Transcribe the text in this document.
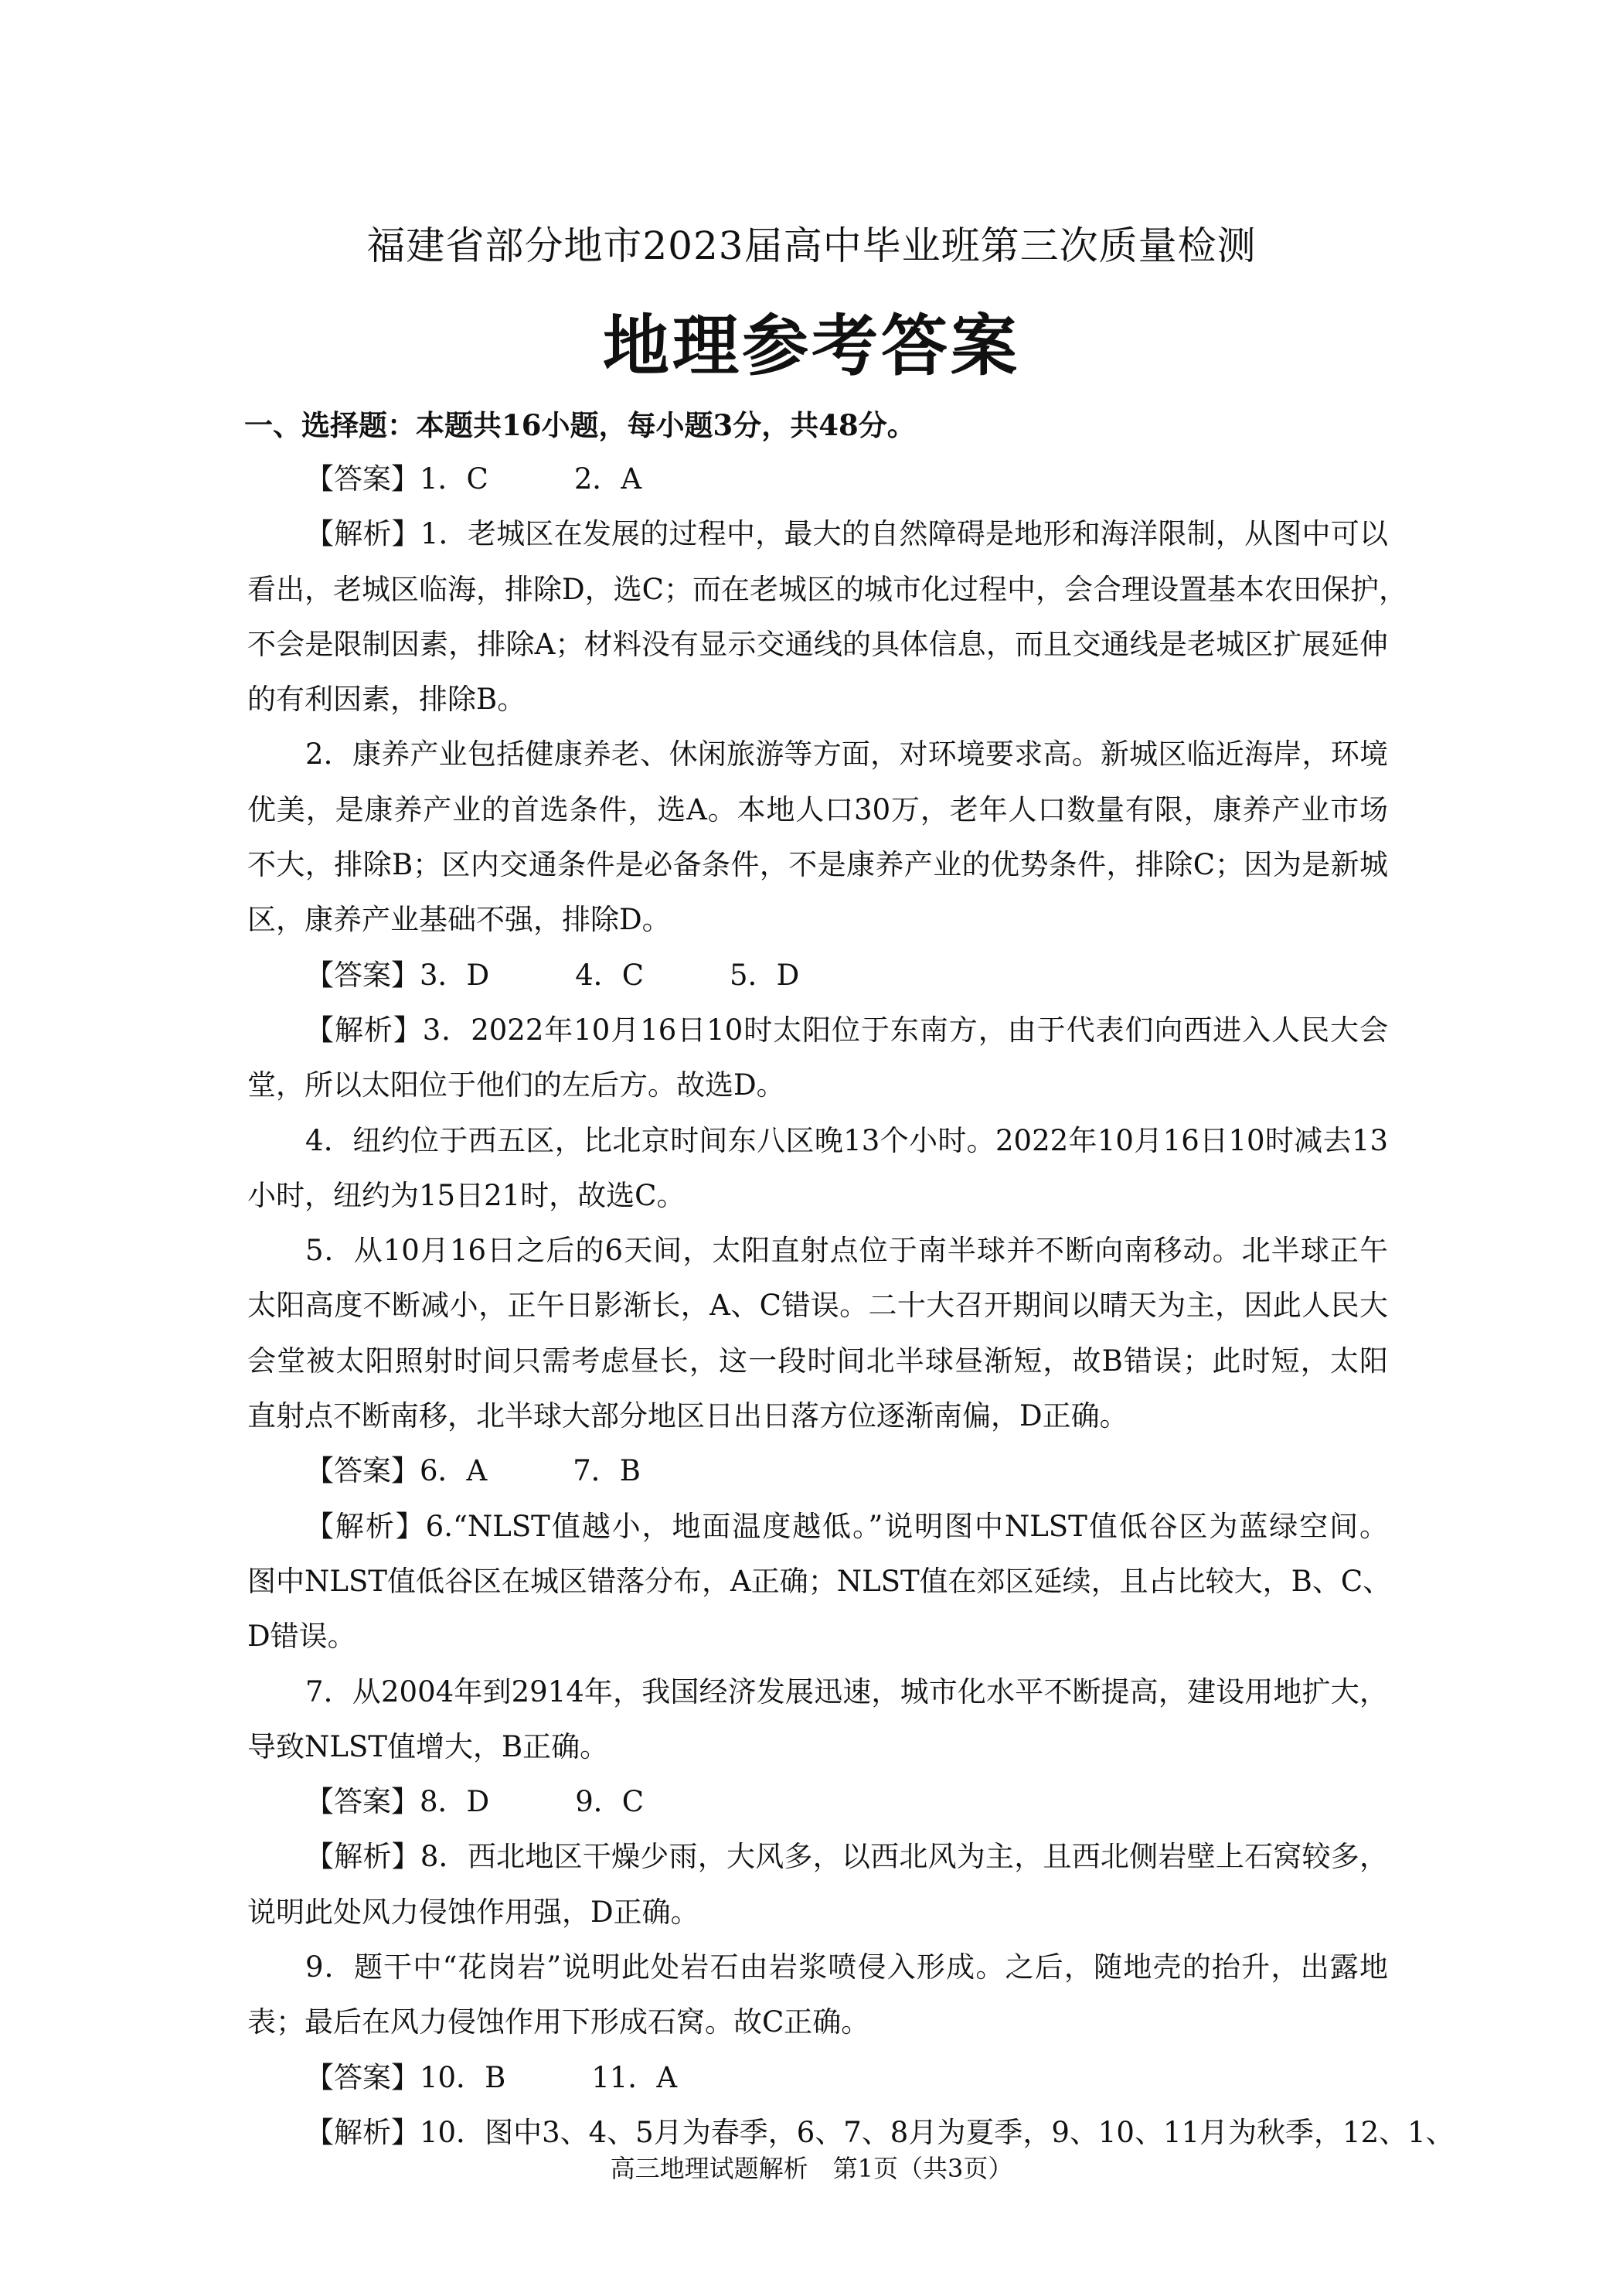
福建省部分地市2023届高中毕业班第三次质量检测
地理参考答案
一、选择题：本题共16小题，每小题3分，共48分。
【答案】1．C　　　2．A
【解析】1．老城区在发展的过程中，最大的自然障碍是地形和海洋限制，从图中可以
看出，老城区临海，排除D，选C；而在老城区的城市化过程中，会合理设置基本农田保护，
不会是限制因素，排除A；材料没有显示交通线的具体信息，而且交通线是老城区扩展延伸
的有利因素，排除B。
2．康养产业包括健康养老、休闲旅游等方面，对环境要求高。新城区临近海岸，环境
优美，是康养产业的首选条件，选A。本地人口30万，老年人口数量有限，康养产业市场
不大，排除B；区内交通条件是必备条件，不是康养产业的优势条件，排除C；因为是新城
区，康养产业基础不强，排除D。
【答案】3．D　　　4．C　　　5．D
【解析】3．2022年10月16日10时太阳位于东南方，由于代表们向西进入人民大会
堂，所以太阳位于他们的左后方。故选D。
4．纽约位于西五区，比北京时间东八区晚13个小时。2022年10月16日10时减去13
小时，纽约为15日21时，故选C。
5．从10月16日之后的6天间，太阳直射点位于南半球并不断向南移动。北半球正午
太阳高度不断减小，正午日影渐长，A、C错误。二十大召开期间以晴天为主，因此人民大
会堂被太阳照射时间只需考虑昼长，这一段时间北半球昼渐短，故B错误；此时短，太阳
直射点不断南移，北半球大部分地区日出日落方位逐渐南偏，D正确。
【答案】6．A　　　7．B
【解析】6.“NLST值越小，地面温度越低。”说明图中NLST值低谷区为蓝绿空间。
图中NLST值低谷区在城区错落分布，A正确；NLST值在郊区延续，且占比较大，B、C、
D错误。
7．从2004年到2914年，我国经济发展迅速，城市化水平不断提高，建设用地扩大，
导致NLST值增大，B正确。
【答案】8．D　　　9．C
【解析】8．西北地区干燥少雨，大风多，以西北风为主，且西北侧岩壁上石窝较多，
说明此处风力侵蚀作用强，D正确。
9．题干中“花岗岩”说明此处岩石由岩浆喷侵入形成。之后，随地壳的抬升，出露地
表；最后在风力侵蚀作用下形成石窝。故C正确。
【答案】10．B　　　11．A
【解析】10．图中3、4、5月为春季，6、7、8月为夏季，9、10、11月为秋季，12、1、
高三地理试题解析　第1页（共3页）
